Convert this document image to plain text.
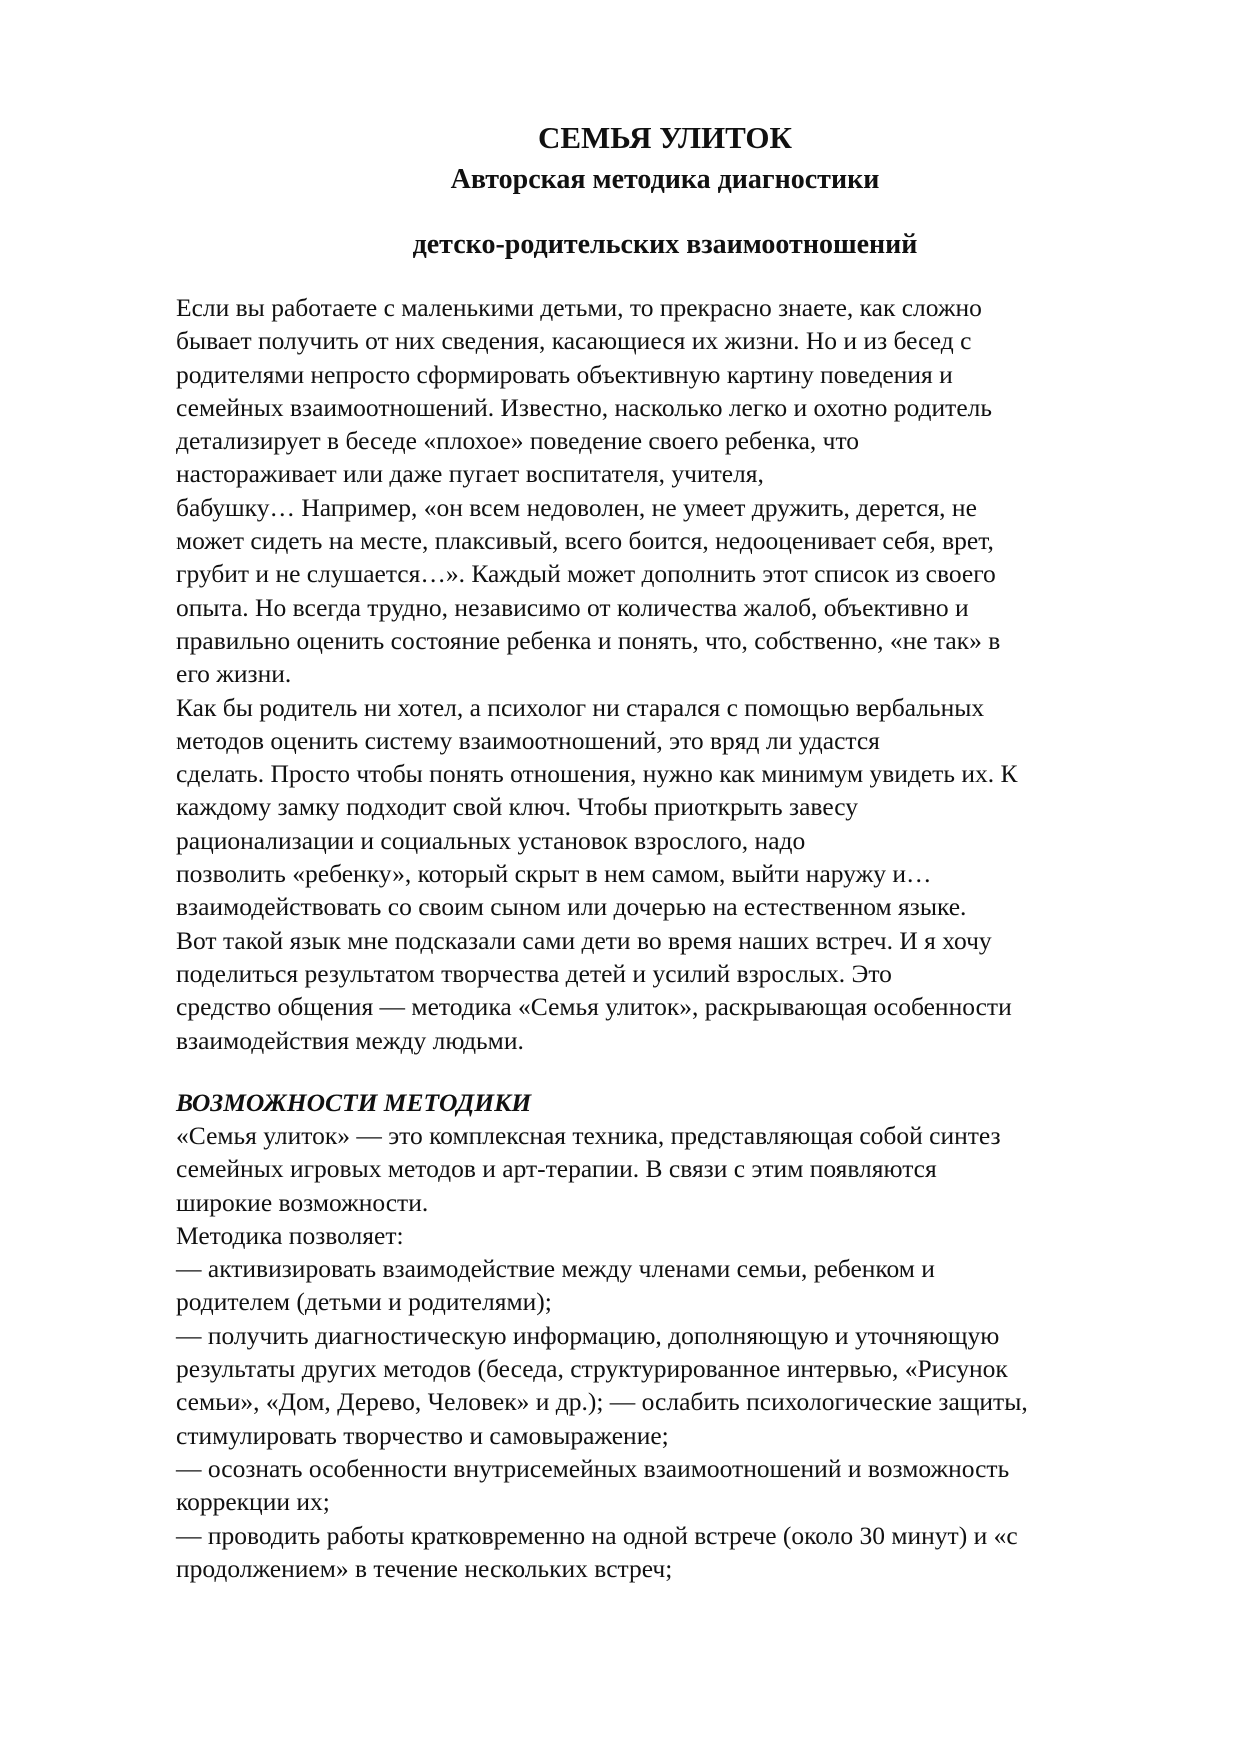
СЕМЬЯ УЛИТОК
Авторская методика диагностики
детско-родительских взаимоотношений
Если вы работаете с маленькими детьми, то прекрасно знаете, как сложно
бывает получить от них сведения, касающиеся их жизни. Но и из бесед с
родителями непросто сформировать объективную картину поведения и
семейных взаимоотношений. Известно, насколько легко и охотно родитель
детализирует в беседе «плохое» поведение своего ребенка, что
настораживает или даже пугает воспитателя, учителя,
бабушку… Например, «он всем недоволен, не умеет дружить, дерется, не
может сидеть на месте, плаксивый, всего боится, недооценивает себя, врет,
грубит и не слушается…». Каждый может дополнить этот список из своего
опыта. Но всегда трудно, независимо от количества жалоб, объективно и
правильно оценить состояние ребенка и понять, что, собственно, «не так» в
его жизни.
Как бы родитель ни хотел, а психолог ни старался с помощью вербальных
методов оценить систему взаимоотношений, это вряд ли удастся
сделать. Просто чтобы понять отношения, нужно как минимум увидеть их. К
каждому замку подходит свой ключ. Чтобы приоткрыть завесу
рационализации и социальных установок взрослого, надо
позволить «ребенку», который скрыт в нем самом, выйти наружу и…
взаимодействовать со своим сыном или дочерью на естественном языке.
Вот такой язык мне подсказали сами дети во время наших встреч. И я хочу
поделиться результатом творчества детей и усилий взрослых. Это
средство общения — методика «Семья улиток», раскрывающая особенности
взаимодействия между людьми.
ВОЗМОЖНОСТИ МЕТОДИКИ
«Семья улиток» — это комплексная техника, представляющая собой синтез
семейных игровых методов и арт-терапии. В связи с этим появляются
широкие возможности.
Методика позволяет:
— активизировать взаимодействие между членами семьи, ребенком и
родителем (детьми и родителями);
— получить диагностическую информацию, дополняющую и уточняющую
результаты других методов (беседа, структурированное интервью, «Рисунок
семьи», «Дом, Дерево, Человек» и др.); — ослабить психологические защиты,
стимулировать творчество и самовыражение;
— осознать особенности внутрисемейных взаимоотношений и возможность
коррекции их;
— проводить работы кратковременно на одной встрече (около 30 минут) и «с
продолжением» в течение нескольких встреч;
